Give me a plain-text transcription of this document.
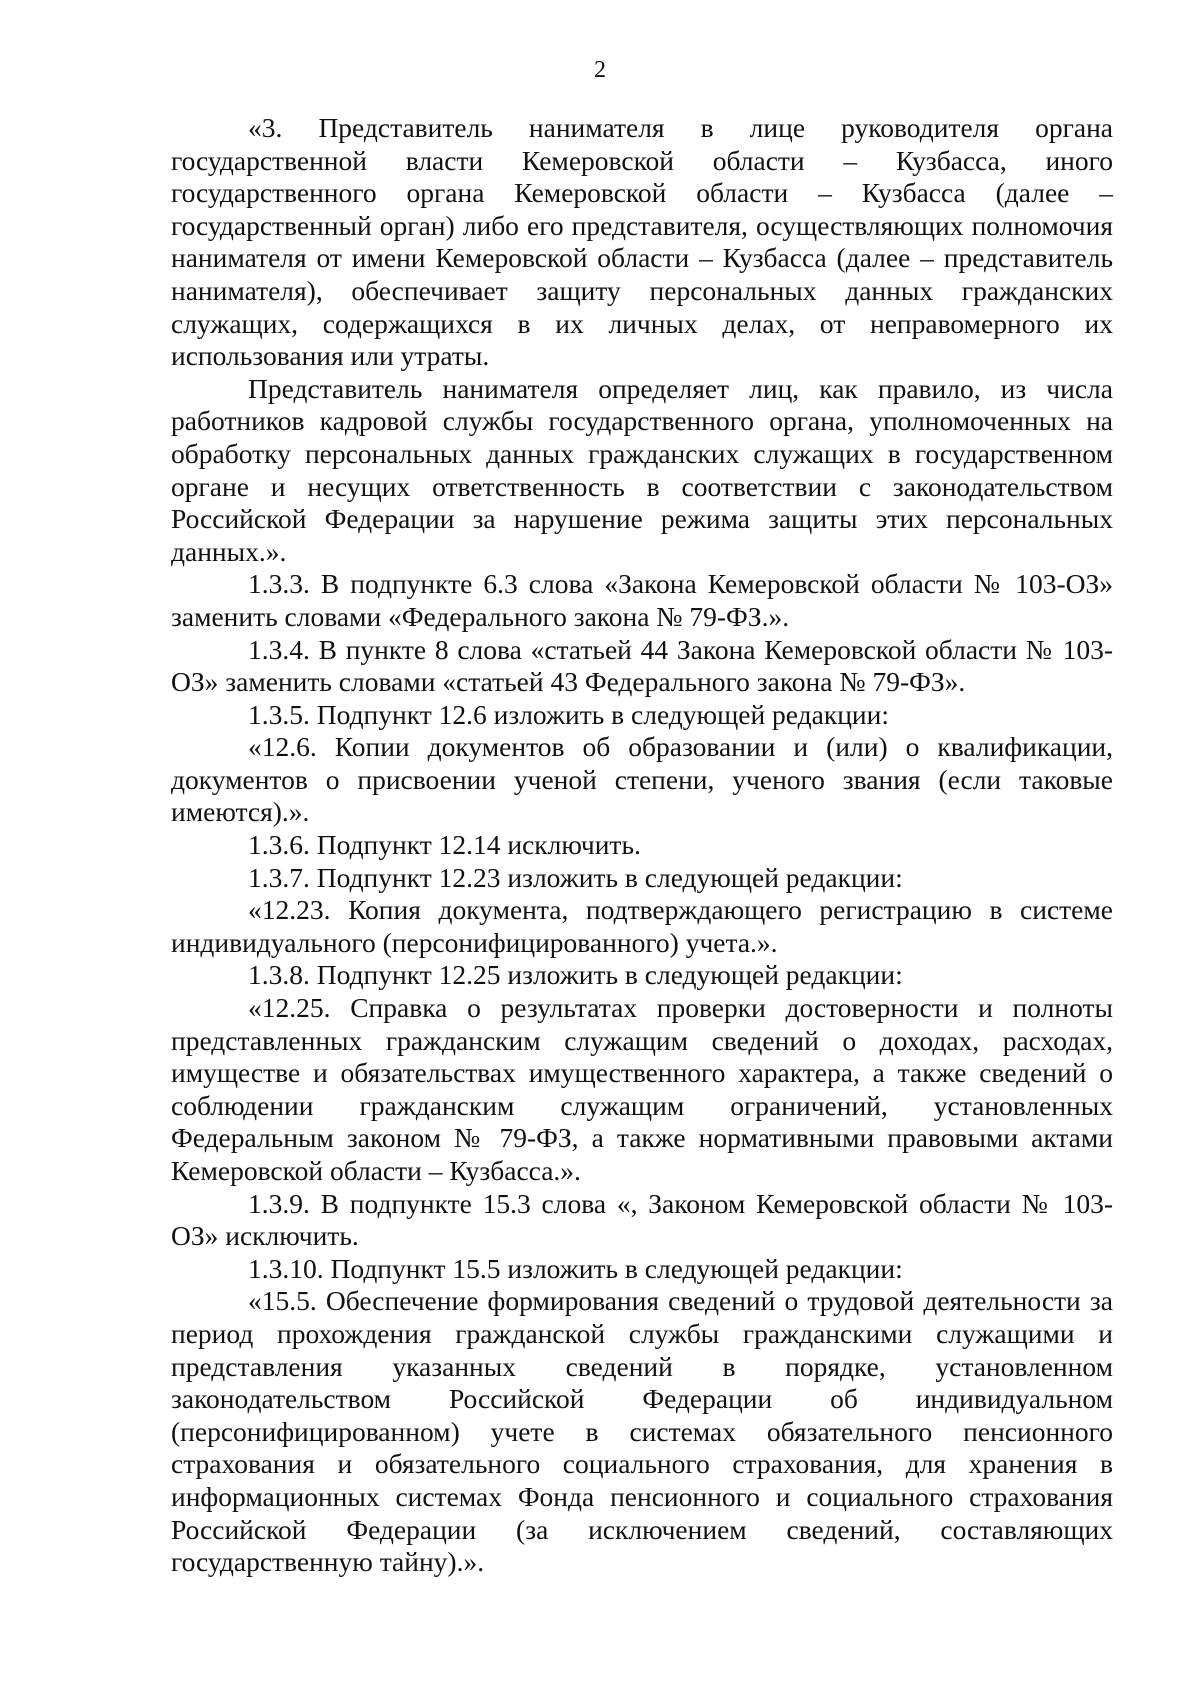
2

«3. Представитель нанимателя в лице руководителя органа государственной власти Кемеровской области – Кузбасса, иного государственного органа Кемеровской области – Кузбасса (далее – государственный орган) либо его представителя, осуществляющих полномочия нанимателя от имени Кемеровской области – Кузбасса (далее – представитель нанимателя), обеспечивает защиту персональных данных гражданских служащих, содержащихся в их личных делах, от неправомерного их использования или утраты.

Представитель нанимателя определяет лиц, как правило, из числа работников кадровой службы государственного органа, уполномоченных на обработку персональных данных гражданских служащих в государственном органе и несущих ответственность в соответствии с законодательством Российской Федерации за нарушение режима защиты этих персональных данных.».

1.3.3. В подпункте 6.3 слова «Закона Кемеровской области № 103-ОЗ» заменить словами «Федерального закона № 79-ФЗ.».

1.3.4. В пункте 8 слова «статьей 44 Закона Кемеровской области № 103-ОЗ» заменить словами «статьей 43 Федерального закона № 79-ФЗ».

1.3.5. Подпункт 12.6 изложить в следующей редакции:

«12.6. Копии документов об образовании и (или) о квалификации, документов о присвоении ученой степени, ученого звания (если таковые имеются).».

1.3.6. Подпункт 12.14 исключить.

1.3.7. Подпункт 12.23 изложить в следующей редакции:

«12.23. Копия документа, подтверждающего регистрацию в системе индивидуального (персонифицированного) учета.».

1.3.8. Подпункт 12.25 изложить в следующей редакции:

«12.25. Справка о результатах проверки достоверности и полноты представленных гражданским служащим сведений о доходах, расходах, имуществе и обязательствах имущественного характера, а также сведений о соблюдении гражданским служащим ограничений, установленных Федеральным законом № 79-ФЗ, а также нормативными правовыми актами Кемеровской области – Кузбасса.».

1.3.9. В подпункте 15.3 слова «, Законом Кемеровской области № 103-ОЗ» исключить.

1.3.10. Подпункт 15.5 изложить в следующей редакции:

«15.5. Обеспечение формирования сведений о трудовой деятельности за период прохождения гражданской службы гражданскими служащими и представления указанных сведений в порядке, установленном законодательством Российской Федерации об индивидуальном (персонифицированном) учете в системах обязательного пенсионного страхования и обязательного социального страхования, для хранения в информационных системах Фонда пенсионного и социального страхования Российской Федерации (за исключением сведений, составляющих государственную тайну).».
